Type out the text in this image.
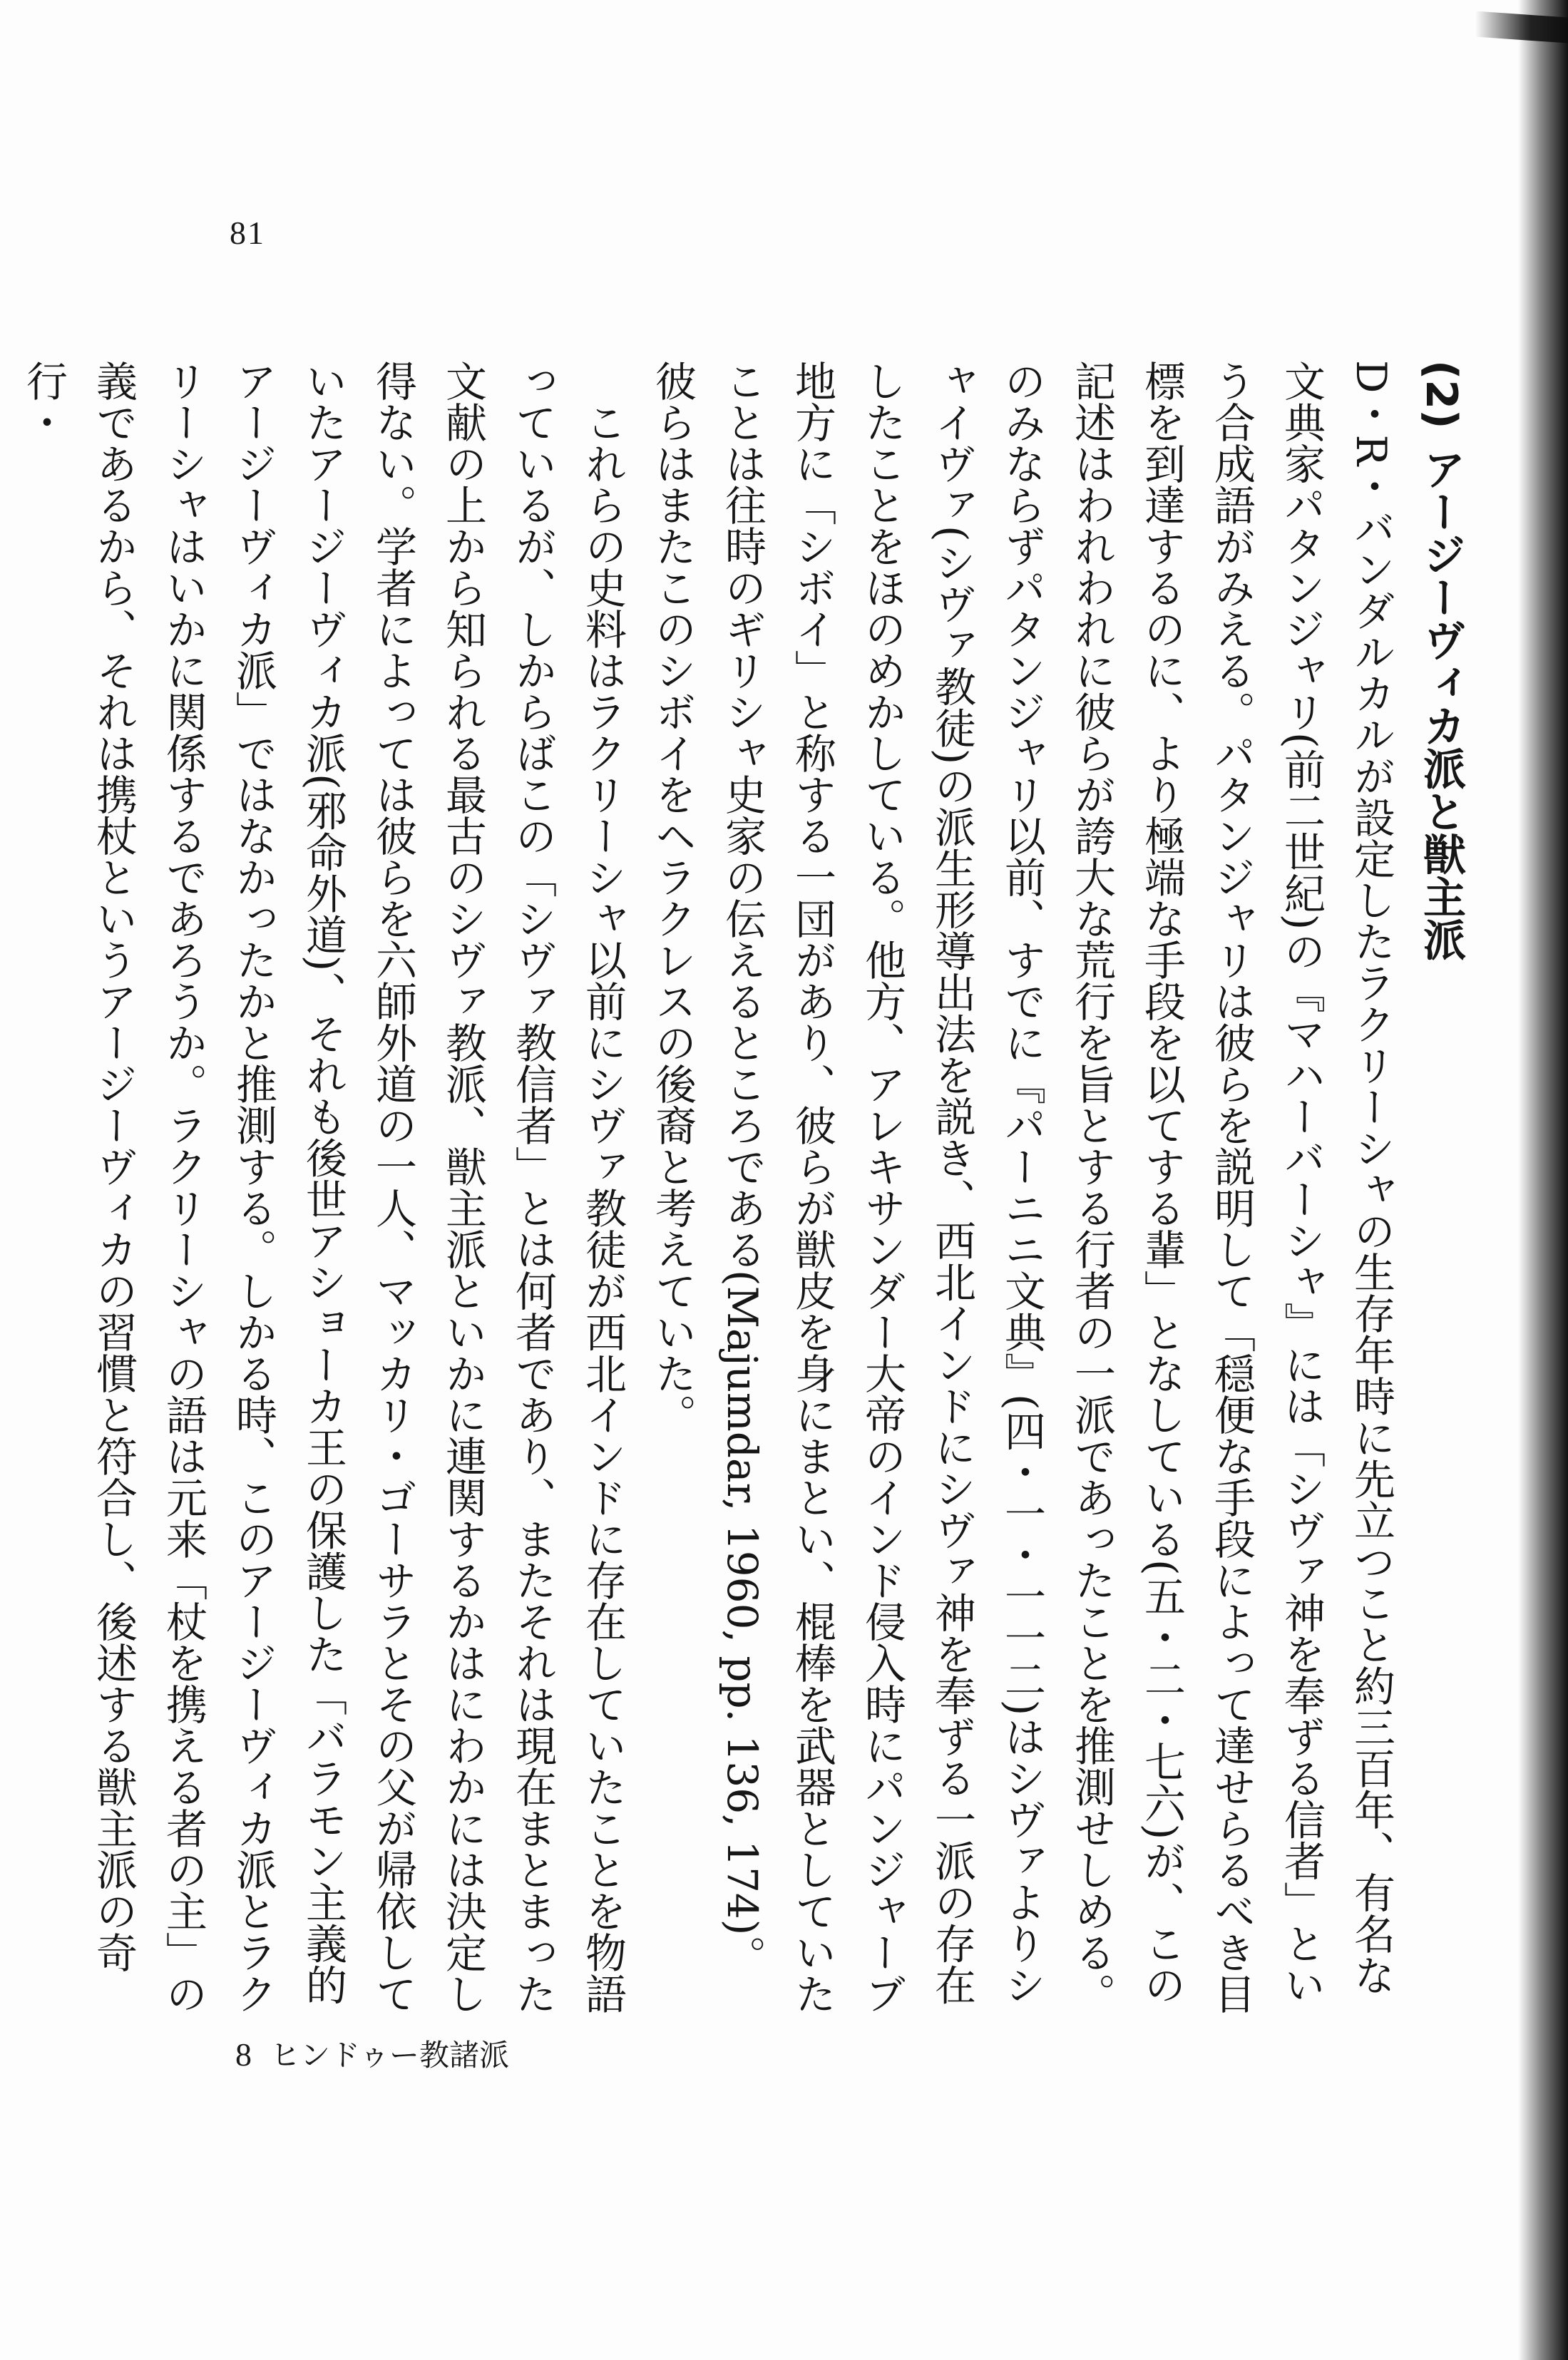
81

(2)アージーヴィカ派と獣主派

D・R・バンダルカルが設定したラクリーシャの生存年時に先立つこと約三百年、有名な文典家パタンジャリ(前二世紀)の『マハーバーシャ』には「シヴァ神を奉ずる信者」という合成語がみえる。パタンジャリは彼らを説明して「穏便な手段によって達せらるべき目標を到達するのに、より極端な手段を以てする輩」となしている(五・二・七六)が、この記述はわれわれに彼らが誇大な荒行を旨とする行者の一派であったことを推測せしめる。のみならずパタンジャリ以前、すでに『パーニニ文典』(四・一・一一二)はシヴァよりシャイヴァ(シヴァ教徒)の派生形導出法を説き、西北インドにシヴァ神を奉ずる一派の存在したことをほのめかしている。他方、アレキサンダー大帝のインド侵入時にパンジャーブ地方に「シボイ」と称する一団があり、彼らが獣皮を身にまとい、棍棒を武器としていたことは往時のギリシャ史家の伝えるところである(Majumdar, 1960, pp. 136, 174)。彼らはまたこのシボイをヘラクレスの後裔と考えていた。

これらの史料はラクリーシャ以前にシヴァ教徒が西北インドに存在していたことを物語っているが、しからばこの「シヴァ教信者」とは何者であり、またそれは現在まとまった文献の上から知られる最古のシヴァ教派、獣主派といかに連関するかはにわかには決定し得ない。学者によっては彼らを六師外道の一人、マッカリ・ゴーサラとその父が帰依していたアージーヴィカ派(邪命外道)、それも後世アショーカ王の保護した「バラモン主義的アージーヴィカ派」ではなかったかと推測する。しかる時、このアージーヴィカ派とラクリーシャはいかに関係するであろうか。ラクリーシャの語は元来「杖を携える者の主」の義であるから、それは携杖というアージーヴィカの習慣と符合し、後述する獣主派の奇行・

8 ヒンドゥー教諸派
